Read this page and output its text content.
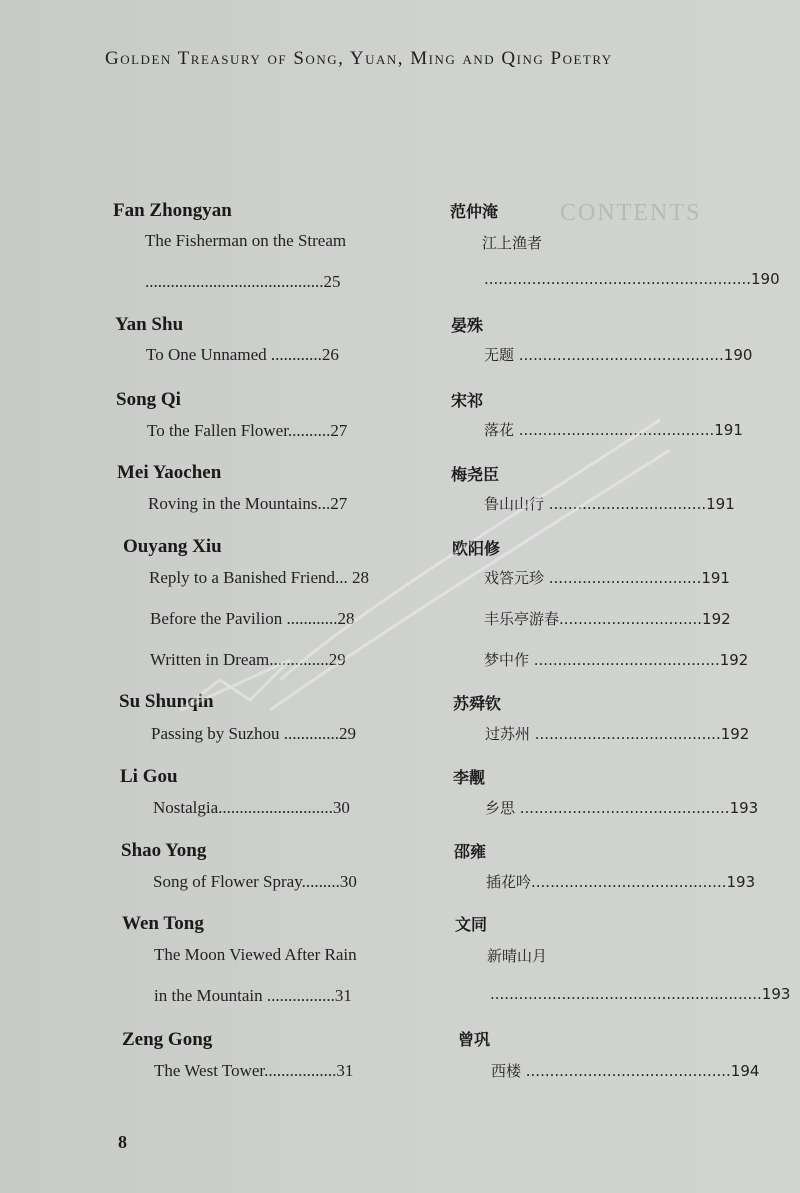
Golden Treasury of Song, Yuan, Ming and Qing Poetry
CONTENTS
Fan Zhongyan
The Fisherman on the Stream
..........................................25
Yan Shu
To One Unnamed ............26
Song Qi
To the Fallen Flower..........27
Mei Yaochen
Roving in the Mountains...27
Ouyang Xiu
Reply to a Banished Friend... 28
Before the Pavilion ............28
Written in Dream..............29
Su Shunqin
Passing by Suzhou .............29
Li Gou
Nostalgia...........................30
Shao Yong
Song of Flower Spray.........30
Wen Tong
The Moon Viewed After Rain
in the Mountain ................31
Zeng Gong
The West Tower.................31
范仲淹
江上渔者
........................................................190
晏殊
无题 ...........................................190
宋祁
落花 .........................................191
梅尧臣
鲁山山行 .................................191
欧阳修
戏答元珍 ................................191
丰乐亭游春..............................192
梦中作 .......................................192
苏舜钦
过苏州 .......................................192
李觏
乡思 ............................................193
邵雍
插花吟.........................................193
文同
新晴山月
.........................................................193
曾巩
西楼 ...........................................194
8
